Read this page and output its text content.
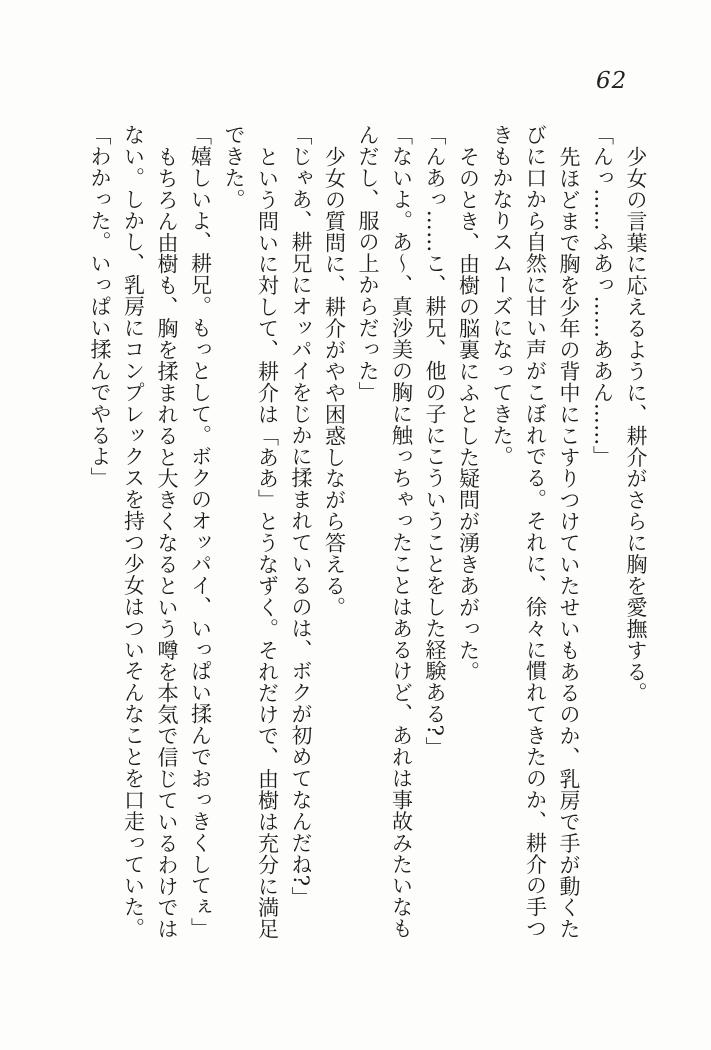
62

少女の言葉に応えるように、耕介がさらに胸を愛撫する。

「んっ……ふあっ……ああん……」

先ほどまで胸を少年の背中にこすりつけていたせいもあるのか、乳房で手が動くた

びに口から自然に甘い声がこぼれでる。それに、徐々に慣れてきたのか、耕介の手つ

きもかなりスムーズになってきた。

そのとき、由樹の脳裏にふとした疑問が湧きあがった。

「んあっ……こ、耕兄、他の子にこういうことをした経験ある?」

「ないよ。あ〜、真沙美の胸に触っちゃったことはあるけど、あれは事故みたいなも

んだし、服の上からだった」

少女の質問に、耕介がやや困惑しながら答える。

「じゃあ、耕兄にオッパイをじかに揉まれているのは、ボクが初めてなんだね?」

という問いに対して、耕介は「ああ」とうなずく。それだけで、由樹は充分に満足

できた。

「嬉しいよ、耕兄。もっとして。ボクのオッパイ、いっぱい揉んでおっきくしてぇ」

もちろん由樹も、胸を揉まれると大きくなるという噂を本気で信じているわけでは

ない。しかし、乳房にコンプレックスを持つ少女はついそんなことを口走っていた。

「わかった。いっぱい揉んでやるよ」
